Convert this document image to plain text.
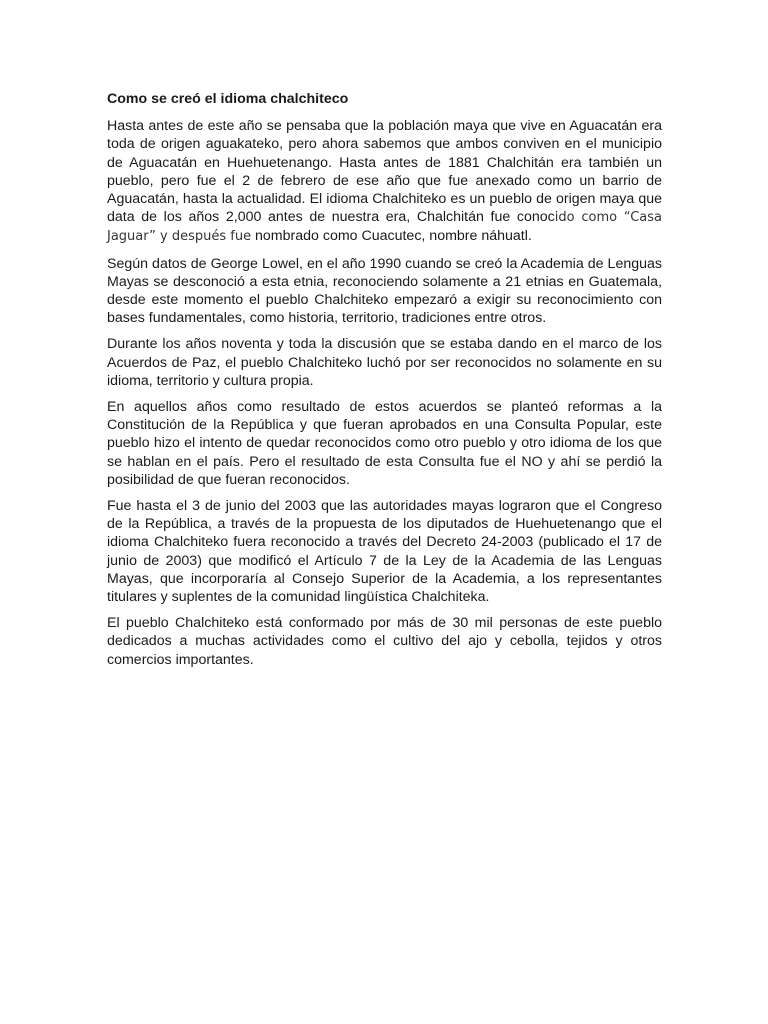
Como se creó el idioma chalchiteco

Hasta antes de este año se pensaba que la población maya que vive en Aguacatán era toda de origen aguakateko, pero ahora sabemos que ambos conviven en el municipio de Aguacatán en Huehuetenango. Hasta antes de 1881 Chalchitán era también un pueblo, pero fue el 2 de febrero de ese año que fue anexado como un barrio de Aguacatán, hasta la actualidad. El idioma Chalchiteko es un pueblo de origen maya que data de los años 2,000 antes de nuestra era, Chalchitán fue conocido como “Casa Jaguar” y después fue nombrado como Cuacutec, nombre náhuatl.

Según datos de George Lowel, en el año 1990 cuando se creó la Academia de Lenguas Mayas se desconoció a esta etnia, reconociendo solamente a 21 etnias en Guatemala, desde este momento el pueblo Chalchiteko empezaró a exigir su reconocimiento con bases fundamentales, como historia, territorio, tradiciones entre otros.

Durante los años noventa y toda la discusión que se estaba dando en el marco de los Acuerdos de Paz, el pueblo Chalchiteko luchó por ser reconocidos no solamente en su idioma, territorio y cultura propia.

En aquellos años como resultado de estos acuerdos se planteó reformas a la Constitución de la República y que fueran aprobados en una Consulta Popular, este pueblo hizo el intento de quedar reconocidos como otro pueblo y otro idioma de los que se hablan en el país. Pero el resultado de esta Consulta fue el NO y ahí se perdió la posibilidad de que fueran reconocidos.

Fue hasta el 3 de junio del 2003 que las autoridades mayas lograron que el Congreso de la República, a través de la propuesta de los diputados de Huehuetenango que el idioma Chalchiteko fuera reconocido a través del Decreto 24-2003 (publicado el 17 de junio de 2003) que modificó el Artículo 7 de la Ley de la Academia de las Lenguas Mayas, que incorporaría al Consejo Superior de la Academia, a los representantes titulares y suplentes de la comunidad lingüística Chalchiteka.

El pueblo Chalchiteko está conformado por más de 30 mil personas de este pueblo dedicados a muchas actividades como el cultivo del ajo y cebolla, tejidos y otros comercios importantes.
